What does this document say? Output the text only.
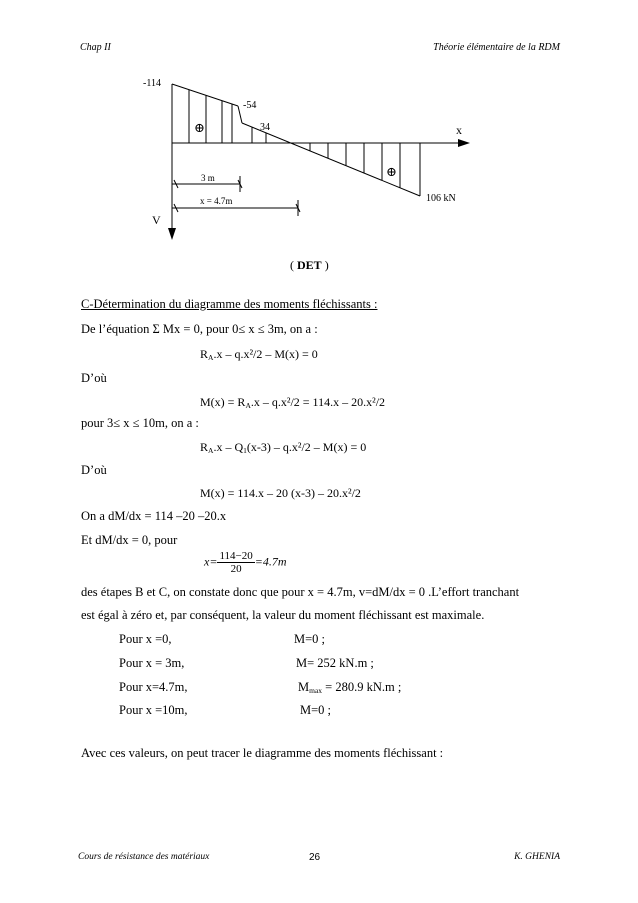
Chap II	Théorie élémentaire de la RDM
-114
-54
34
⊕
⊕
x
106 kN
3 m
x = 4.7m
V
( DET )
C-Détermination du diagramme des moments fléchissants :
De l’équation Σ Mx = 0, pour 0≤ x ≤ 3m, on a :
$R_A.x - q.x^2/2 - M(x) = 0$
D’où
$M(x) = R_A.x - q.x^2/2 = 114.x - 20.x^2/2$
pour 3≤ x ≤ 10m, on a :
$R_A.x - Q_1(x-3) - q.x^2/2 - M(x) = 0$
D’où
M(x) = 114.x – 20 (x-3) – 20.x²/2
On a dM/dx = 114 –20 –20.x
Et dM/dx = 0, pour
$x= \frac{114-20}{20} =4.7m$
des étapes B et C, on constate donc que pour x = 4.7m, v=dM/dx = 0 .L’effort tranchant
est égal à zéro et, par conséquent, la valeur du moment fléchissant est maximale.
Pour x =0,	M=0 ;
Pour x = 3m,	M= 252 kN.m ;
Pour x=4.7m,	$M_{max} = 280.9$ kN.m ;
Pour x =10m,	M=0 ;
Avec ces valeurs, on peut tracer le diagramme des moments fléchissant :
Cours de résistance des matériaux	26	K. GHENIA
